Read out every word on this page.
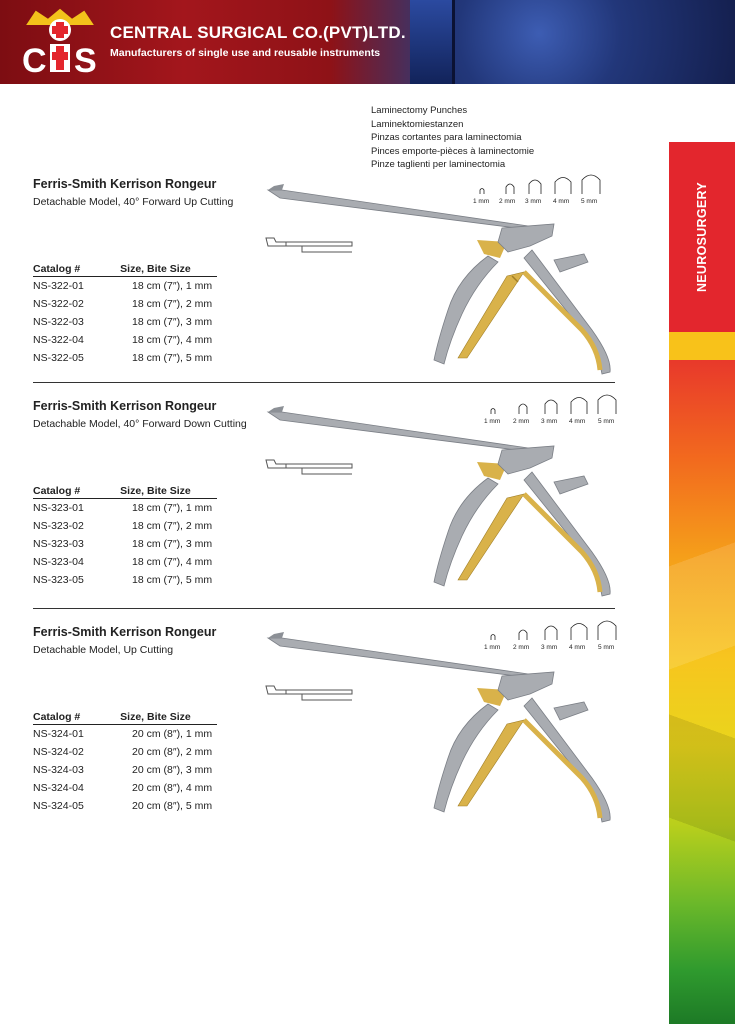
C S
CENTRAL SURGICAL CO.(PVT)LTD.
Manufacturers of single use and reusable instruments
NEUROSURGERY
Laminectomy Punches
Laminektomiestanzen
Pinzas cortantes para laminectomia
Pinces emporte-pièces à laminectomie
Pinze taglienti per laminectomia
Ferris-Smith Kerrison Rongeur
Detachable Model, 40° Forward Up Cutting
Catalog #	Size, Bite Size
NS-322-01	18 cm (7″), 1 mm
NS-322-02	18 cm (7″), 2 mm
NS-322-03	18 cm (7″), 3 mm
NS-322-04	18 cm (7″), 4 mm
NS-322-05	18 cm (7″), 5 mm
Ferris-Smith Kerrison Rongeur
Detachable Model, 40° Forward Down Cutting
Catalog #	Size, Bite Size
NS-323-01	18 cm (7″), 1 mm
NS-323-02	18 cm (7″), 2 mm
NS-323-03	18 cm (7″), 3 mm
NS-323-04	18 cm (7″), 4 mm
NS-323-05	18 cm (7″), 5 mm
Ferris-Smith Kerrison Rongeur
Detachable Model, Up Cutting
Catalog #	Size, Bite Size
NS-324-01	20 cm (8″), 1 mm
NS-324-02	20 cm (8″), 2 mm
NS-324-03	20 cm (8″), 3 mm
NS-324-04	20 cm (8″), 4 mm
NS-324-05	20 cm (8″), 5 mm
1 mm 2 mm 3 mm 4 mm 5 mm
1 mm 2 mm 3 mm 4 mm 5 mm
1 mm 2 mm 3 mm 4 mm 5 mm
